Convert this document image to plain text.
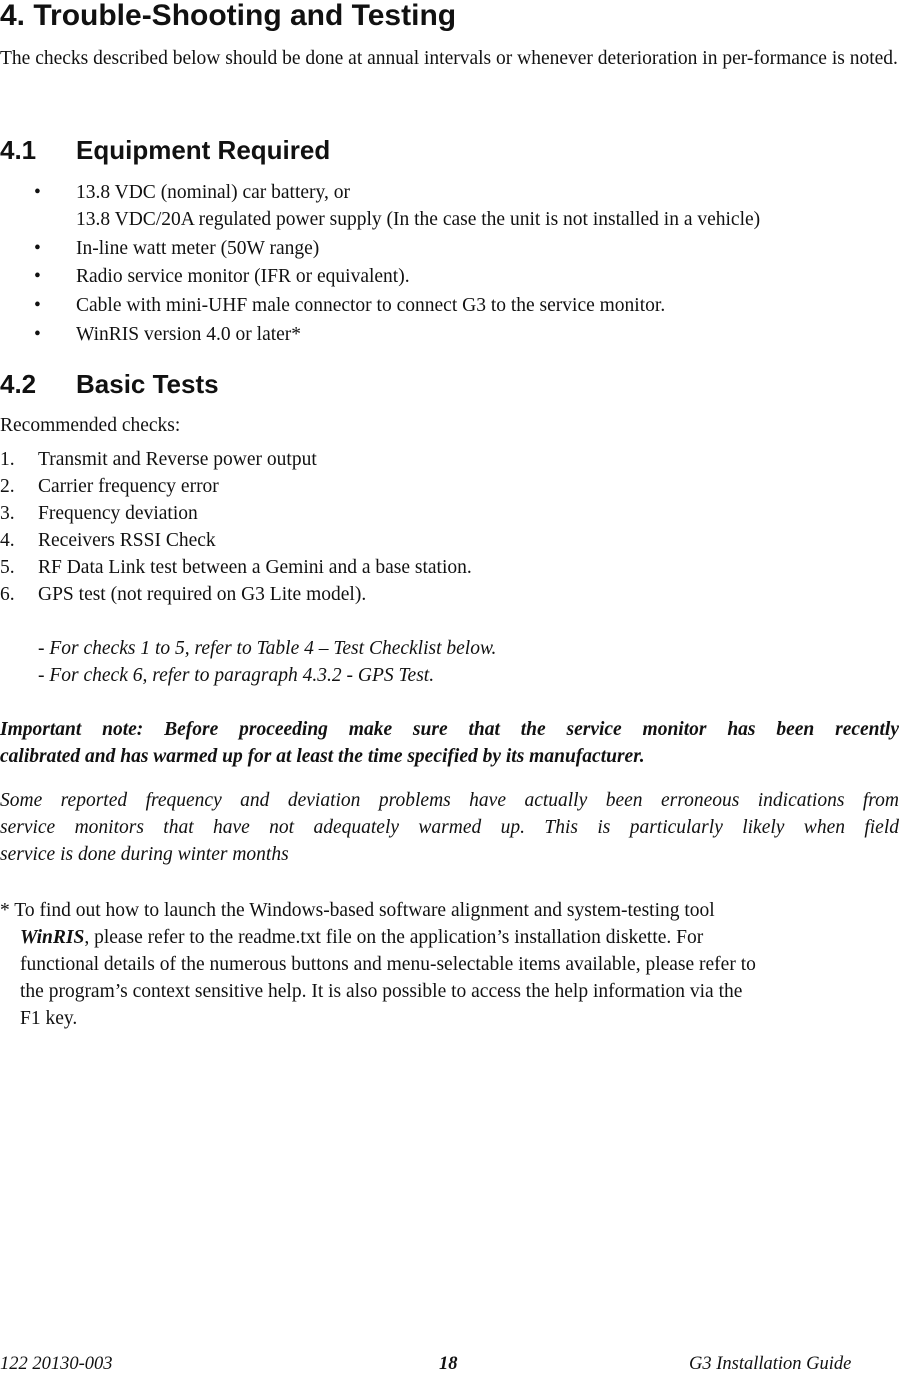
4. Trouble-Shooting and Testing

The checks described below should be done at annual intervals or whenever deterioration in per-formance is noted.

4.1 Equipment Required
• 13.8 VDC (nominal) car battery, or
13.8 VDC/20A regulated power supply (In the case the unit is not installed in a vehicle)
• In-line watt meter (50W range)
• Radio service monitor (IFR or equivalent).
• Cable with mini-UHF male connector to connect G3 to the service monitor.
• WinRIS version 4.0 or later*
4.2 Basic Tests

Recommended checks:

1. Transmit and Reverse power output
2. Carrier frequency error
3. Frequency deviation
4. Receivers RSSI Check
5. RF Data Link test between a Gemini and a base station.
6. GPS test (not required on G3 Lite model).
- For checks 1 to 5, refer to Table 4 – Test Checklist below.
- For check 6, refer to paragraph 4.3.2 - GPS Test.
Important note: Before proceeding make sure that the service monitor has been recently
calibrated and has warmed up for at least the time specified by its manufacturer.
Some reported frequency and deviation problems have actually been erroneous indications from
service monitors that have not adequately warmed up. This is particularly likely when field
service is done during winter months
* To find out how to launch the Windows-based software alignment and system-testing tool
WinRIS, please refer to the readme.txt file on the application’s installation diskette. For
functional details of the numerous buttons and menu-selectable items available, please refer to
the program’s context sensitive help. It is also possible to access the help information via the
F1 key.
122 20130-003	18	G3 Installation Guide
